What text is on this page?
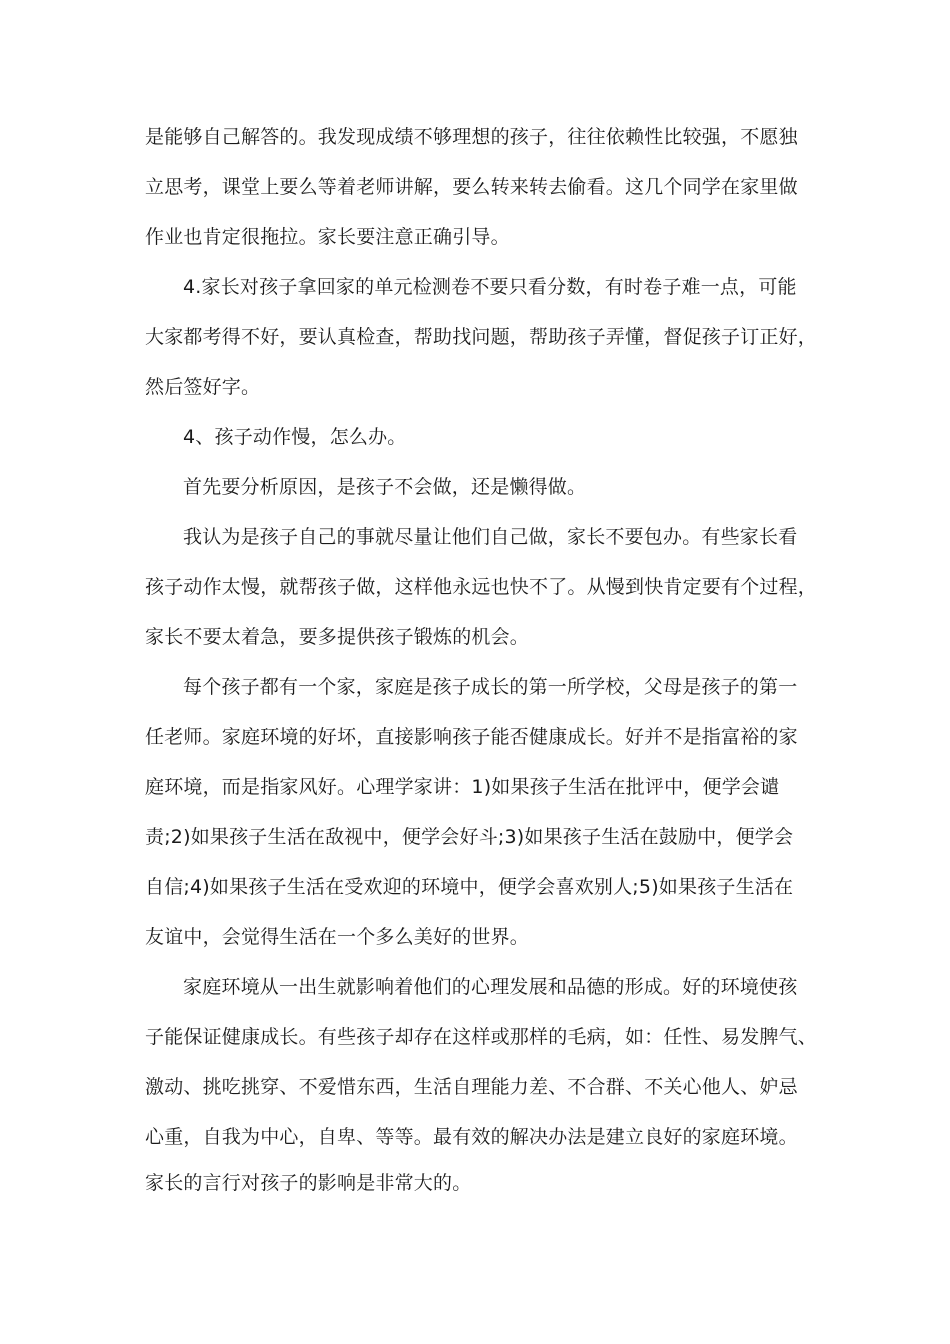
是能够自己解答的。我发现成绩不够理想的孩子，往往依赖性比较强，不愿独
立思考，课堂上要么等着老师讲解，要么转来转去偷看。这几个同学在家里做
作业也肯定很拖拉。家长要注意正确引导。
4.家长对孩子拿回家的单元检测卷不要只看分数，有时卷子难一点，可能
大家都考得不好，要认真检查，帮助找问题，帮助孩子弄懂，督促孩子订正好，
然后签好字。
4、孩子动作慢，怎么办。
首先要分析原因，是孩子不会做，还是懒得做。
我认为是孩子自己的事就尽量让他们自己做，家长不要包办。有些家长看
孩子动作太慢，就帮孩子做，这样他永远也快不了。从慢到快肯定要有个过程，
家长不要太着急，要多提供孩子锻炼的机会。
每个孩子都有一个家，家庭是孩子成长的第一所学校，父母是孩子的第一
任老师。家庭环境的好坏，直接影响孩子能否健康成长。好并不是指富裕的家
庭环境，而是指家风好。心理学家讲：1)如果孩子生活在批评中，便学会谴
责;2)如果孩子生活在敌视中，便学会好斗;3)如果孩子生活在鼓励中，便学会
自信;4)如果孩子生活在受欢迎的环境中，便学会喜欢别人;5)如果孩子生活在
友谊中，会觉得生活在一个多么美好的世界。
家庭环境从一出生就影响着他们的心理发展和品德的形成。好的环境使孩
子能保证健康成长。有些孩子却存在这样或那样的毛病，如：任性、易发脾气、
激动、挑吃挑穿、不爱惜东西，生活自理能力差、不合群、不关心他人、妒忌
心重，自我为中心，自卑、等等。最有效的解决办法是建立良好的家庭环境。
家长的言行对孩子的影响是非常大的。
